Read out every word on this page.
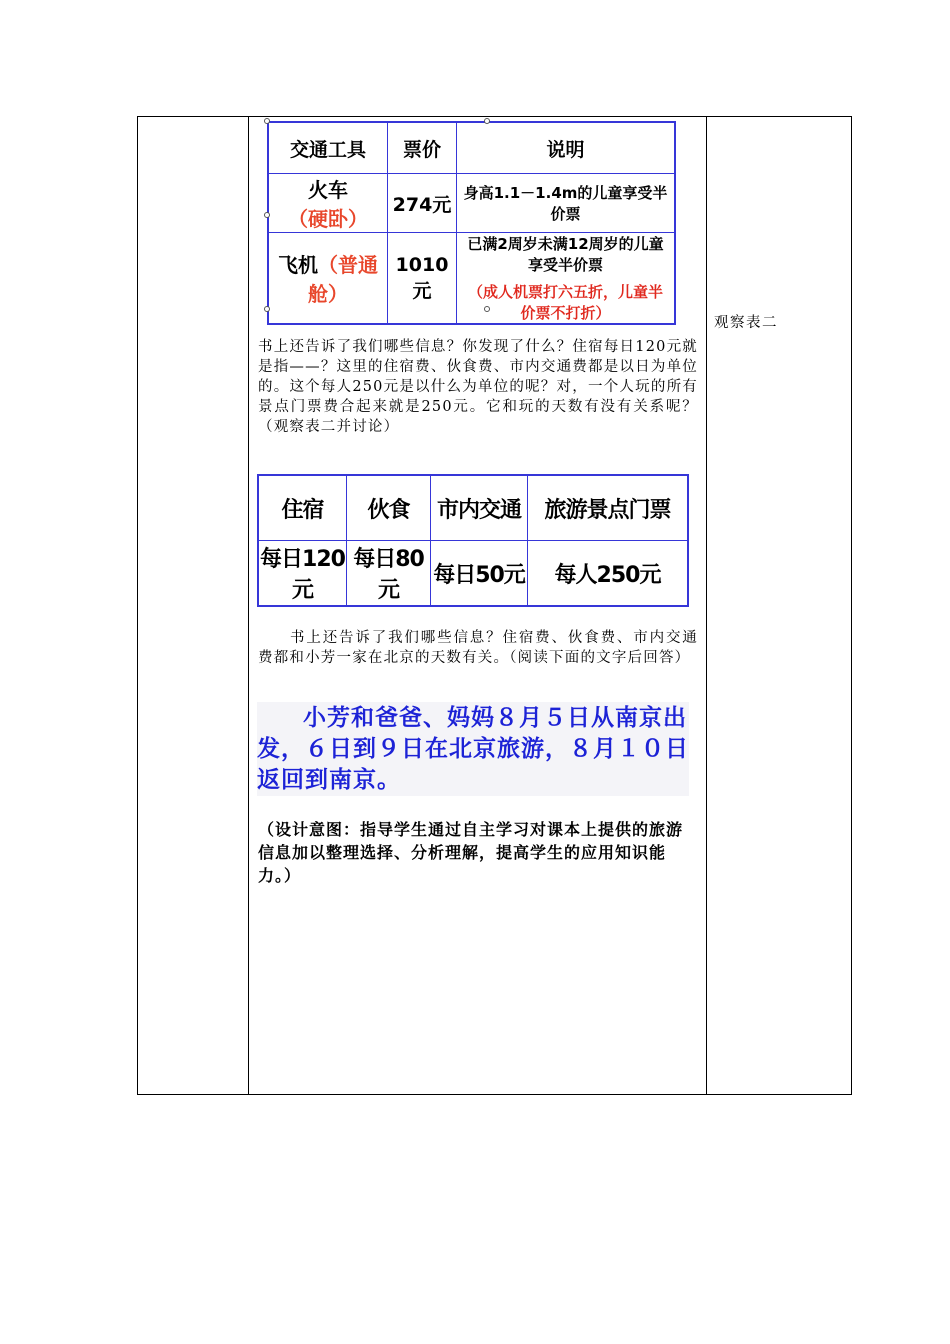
交通工具	票价	说明
火车（硬卧）	274元	身高1.1－1.4m的儿童享受半价票
飞机（普通舱）	1010元	已满2周岁未满12周岁的儿童享受半价票
（成人机票打六五折，儿童半价票不打折）
书上还告诉了我们哪些信息？你发现了什么？住宿每日120元就是指——？这里的住宿费、伙食费、市内交通费都是以日为单位的。这个每人250元是以什么为单位的呢？对，一个人玩的所有景点门票费合起来就是250元。它和玩的天数有没有关系呢？（观察表二并讨论）
住宿	伙食	市内交通	旅游景点门票
每日120元	每日80元	每日50元	每人250元
书上还告诉了我们哪些信息？住宿费、伙食费、市内交通费都和小芳一家在北京的天数有关。（阅读下面的文字后回答）
小芳和爸爸、妈妈８月５日从南京出发，６日到９日在北京旅游，８月１０日返回到南京。
（设计意图：指导学生通过自主学习对课本上提供的旅游信息加以整理选择、分析理解，提高学生的应用知识能力。）
观察表二
